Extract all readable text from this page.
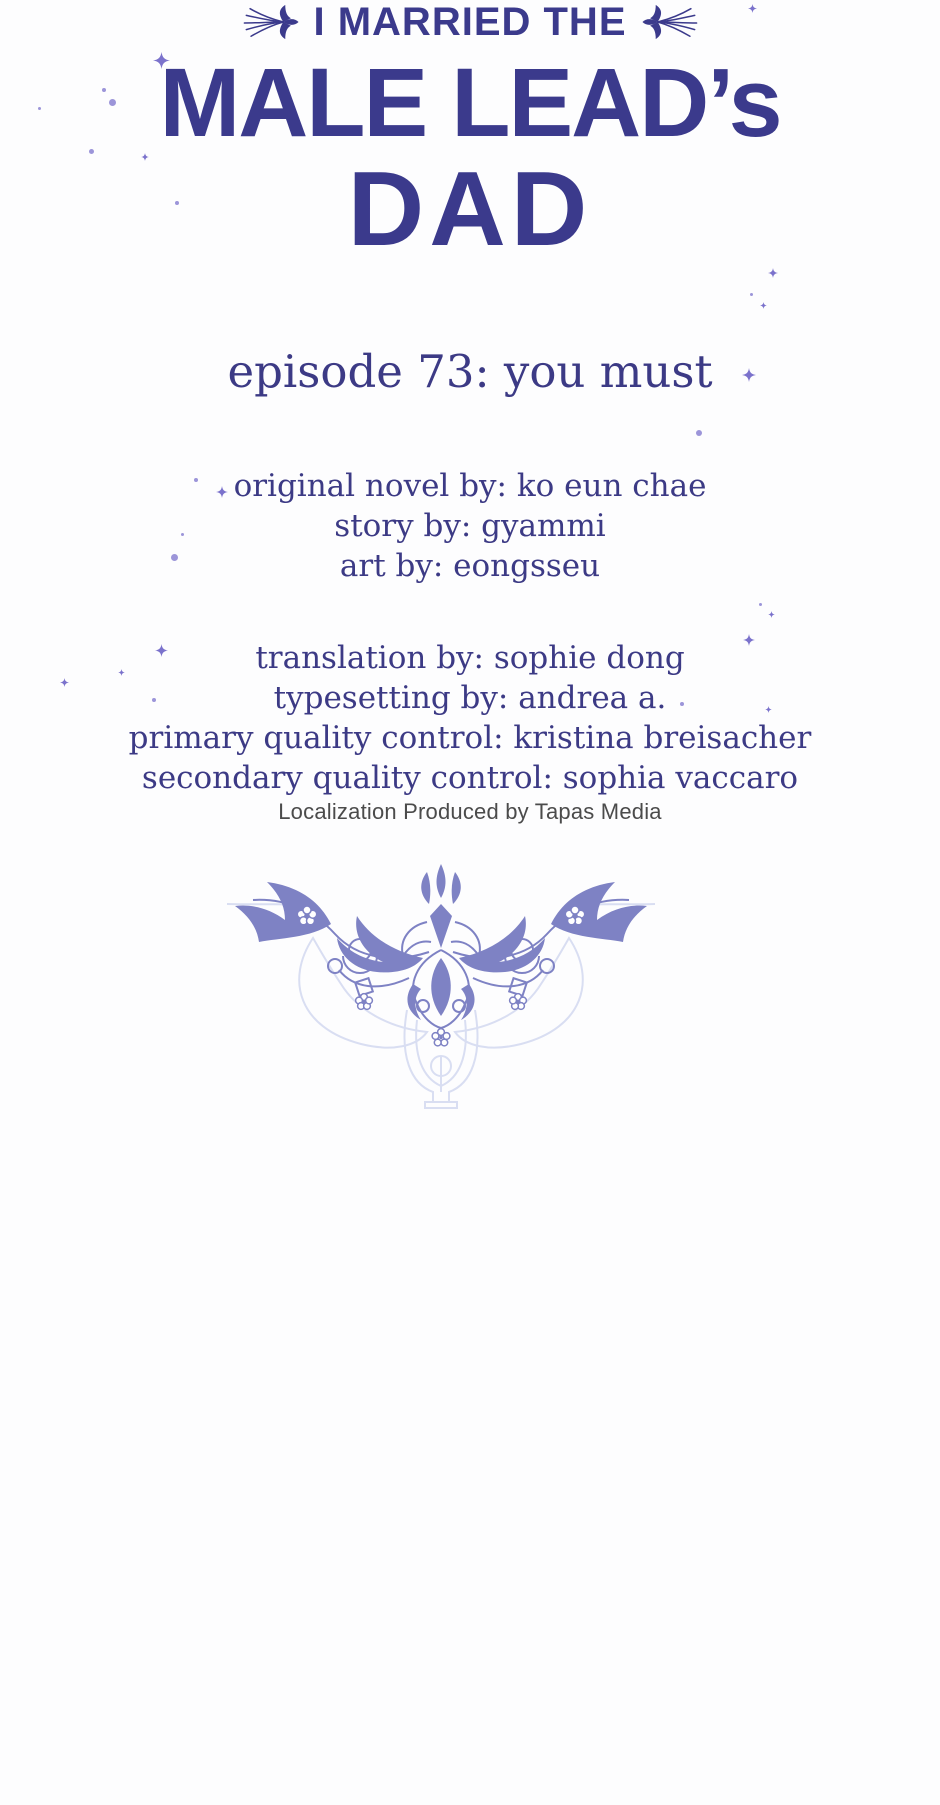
I MARRIED THE
MALE LEAD’s
DAD
episode 73: you must
original novel by: ko eun chae
story by: gyammi
art by: eongsseu
translation by: sophie dong
typesetting by: andrea a.
primary quality control: kristina breisacher
secondary quality control: sophia vaccaro
Localization Produced by Tapas Media
